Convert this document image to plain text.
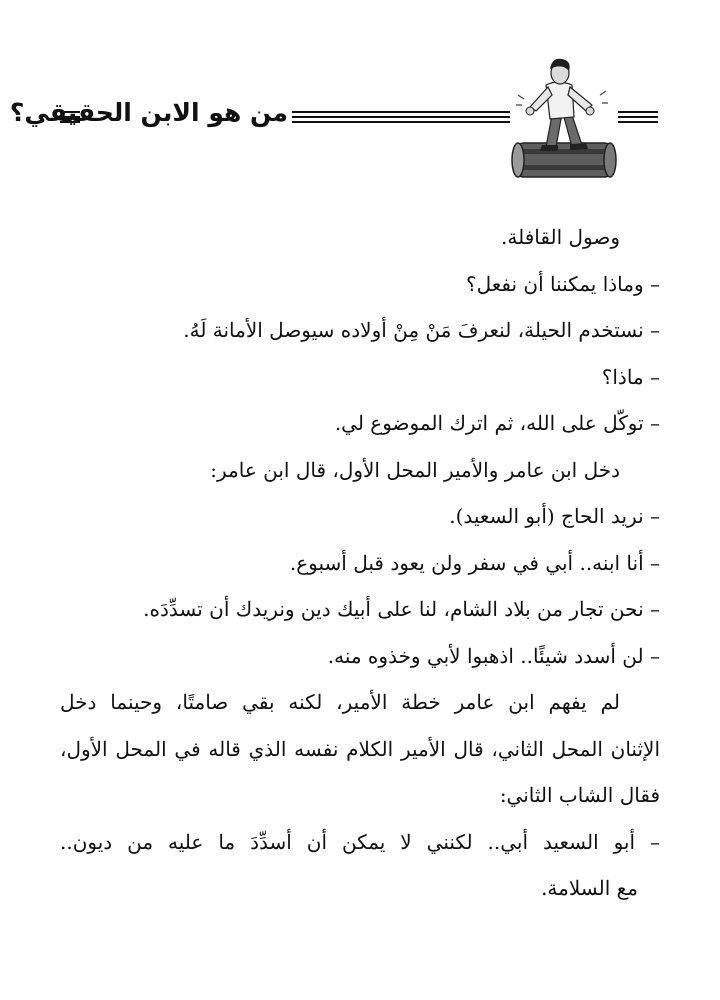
من هو الابن الحقيقي؟

وصول القافلة.

– وماذا يمكننا أن نفعل؟

– نستخدم الحيلة، لنعرفَ مَنْ مِنْ أولاده سيوصل الأمانة لَهُ.

– ماذا؟

– توكّل على الله، ثم اترك الموضوع لي.

دخل ابن عامر والأمير المحل الأول، قال ابن عامر:

– نريد الحاج (أبو السعيد).

– أنا ابنه.. أبي في سفر ولن يعود قبل أسبوع.

– نحن تجار من بلاد الشام، لنا على أبيك دين ونريدك أن تسدِّدَه.

– لن أسدد شيئًا.. اذهبوا لأبي وخذوه منه.

لم يفهم ابن عامر خطة الأمير، لكنه بقي صامتًا، وحينما دخل

الإثنان المحل الثاني، قال الأمير الكلام نفسه الذي قاله في المحل الأول،

فقال الشاب الثاني:

– أبو السعيد أبي.. لكنني لا يمكن أن أسدِّدَ ما عليه من ديون..

مع السلامة.
